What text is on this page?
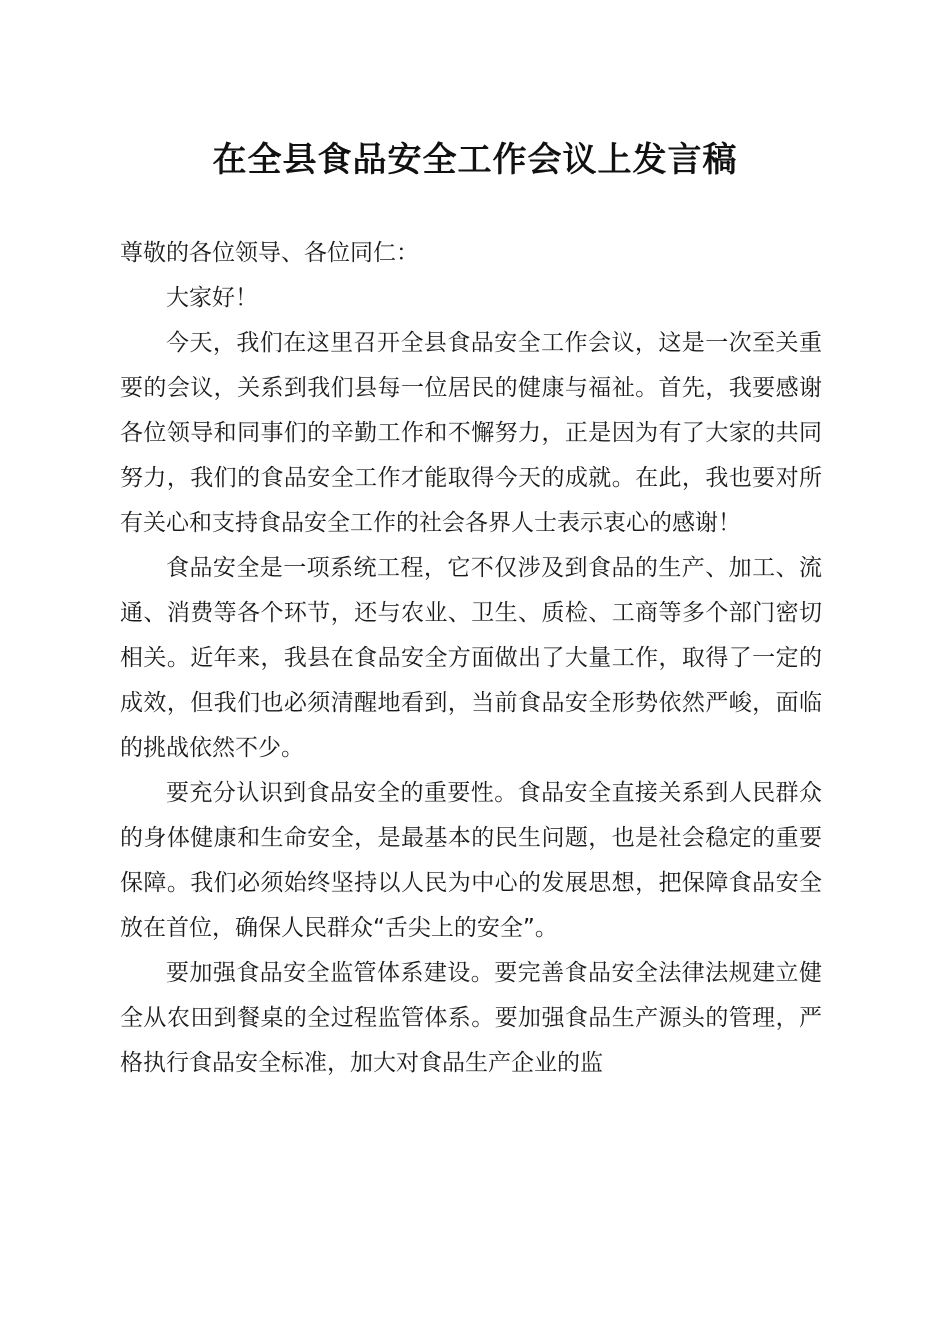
在全县食品安全工作会议上发言稿

尊敬的各位领导、各位同仁：

大家好！

今天，我们在这里召开全县食品安全工作会议，这是一次至关重要的会议，关系到我们县每一位居民的健康与福祉。首先，我要感谢各位领导和同事们的辛勤工作和不懈努力，正是因为有了大家的共同努力，我们的食品安全工作才能取得今天的成就。在此，我也要对所有关心和支持食品安全工作的社会各界人士表示衷心的感谢！

食品安全是一项系统工程，它不仅涉及到食品的生产、加工、流通、消费等各个环节，还与农业、卫生、质检、工商等多个部门密切相关。近年来，我县在食品安全方面做出了大量工作，取得了一定的成效，但我们也必须清醒地看到，当前食品安全形势依然严峻，面临的挑战依然不少。

要充分认识到食品安全的重要性。食品安全直接关系到人民群众的身体健康和生命安全，是最基本的民生问题，也是社会稳定的重要保障。我们必须始终坚持以人民为中心的发展思想，把保障食品安全放在首位，确保人民群众“舌尖上的安全”。

要加强食品安全监管体系建设。要完善食品安全法律法规建立健全从农田到餐桌的全过程监管体系。要加强食品生产源头的管理，严格执行食品安全标准，加大对食品生产企业的监
